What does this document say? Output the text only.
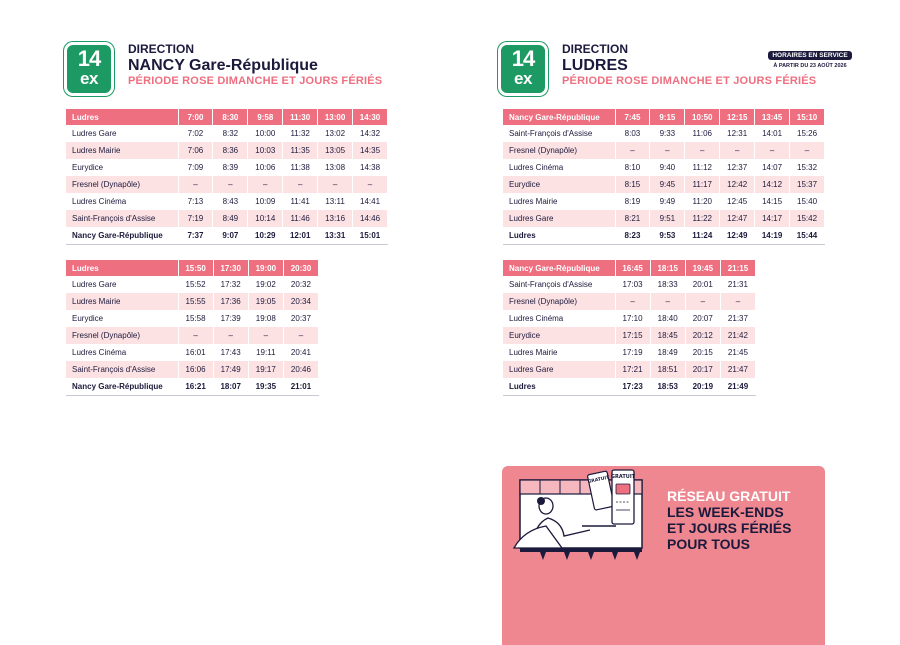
14
ex
DIRECTION
NANCY Gare-République
PÉRIODE ROSE DIMANCHE ET JOURS FÉRIÉS
14
ex
DIRECTION
LUDRES
PÉRIODE ROSE DIMANCHE ET JOURS FÉRIÉS
HORAIRES EN SERVICE
À PARTIR DU 23 AOÛT 2026
Ludres	7:00	8:30	9:58	11:30	13:00	14:30
Ludres Gare	7:02	8:32	10:00	11:32	13:02	14:32
Ludres Mairie	7:06	8:36	10:03	11:35	13:05	14:35
Eurydice	7:09	8:39	10:06	11:38	13:08	14:38
Fresnel (Dynapôle)	–	–	–	–	–	–
Ludres Cinéma	7:13	8:43	10:09	11:41	13:11	14:41
Saint-François d'Assise	7:19	8:49	10:14	11:46	13:16	14:46
Nancy Gare-République	7:37	9:07	10:29	12:01	13:31	15:01
Ludres	15:50	17:30	19:00	20:30
Ludres Gare	15:52	17:32	19:02	20:32
Ludres Mairie	15:55	17:36	19:05	20:34
Eurydice	15:58	17:39	19:08	20:37
Fresnel (Dynapôle)	–	–	–	–
Ludres Cinéma	16:01	17:43	19:11	20:41
Saint-François d'Assise	16:06	17:49	19:17	20:46
Nancy Gare-République	16:21	18:07	19:35	21:01
Nancy Gare-République	7:45	9:15	10:50	12:15	13:45	15:10
Saint-François d'Assise	8:03	9:33	11:06	12:31	14:01	15:26
Fresnel (Dynapôle)	–	–	–	–	–	–
Ludres Cinéma	8:10	9:40	11:12	12:37	14:07	15:32
Eurydice	8:15	9:45	11:17	12:42	14:12	15:37
Ludres Mairie	8:19	9:49	11:20	12:45	14:15	15:40
Ludres Gare	8:21	9:51	11:22	12:47	14:17	15:42
Ludres	8:23	9:53	11:24	12:49	14:19	15:44
Nancy Gare-République	16:45	18:15	19:45	21:15
Saint-François d'Assise	17:03	18:33	20:01	21:31
Fresnel (Dynapôle)	–	–	–	–
Ludres Cinéma	17:10	18:40	20:07	21:37
Eurydice	17:15	18:45	20:12	21:42
Ludres Mairie	17:19	18:49	20:15	21:45
Ludres Gare	17:21	18:51	20:17	21:47
Ludres	17:23	18:53	20:19	21:49
GRATUIT GRATUIT
RÉSEAU GRATUIT
LES WEEK-ENDS
ET JOURS FÉRIÉS
POUR TOUS
